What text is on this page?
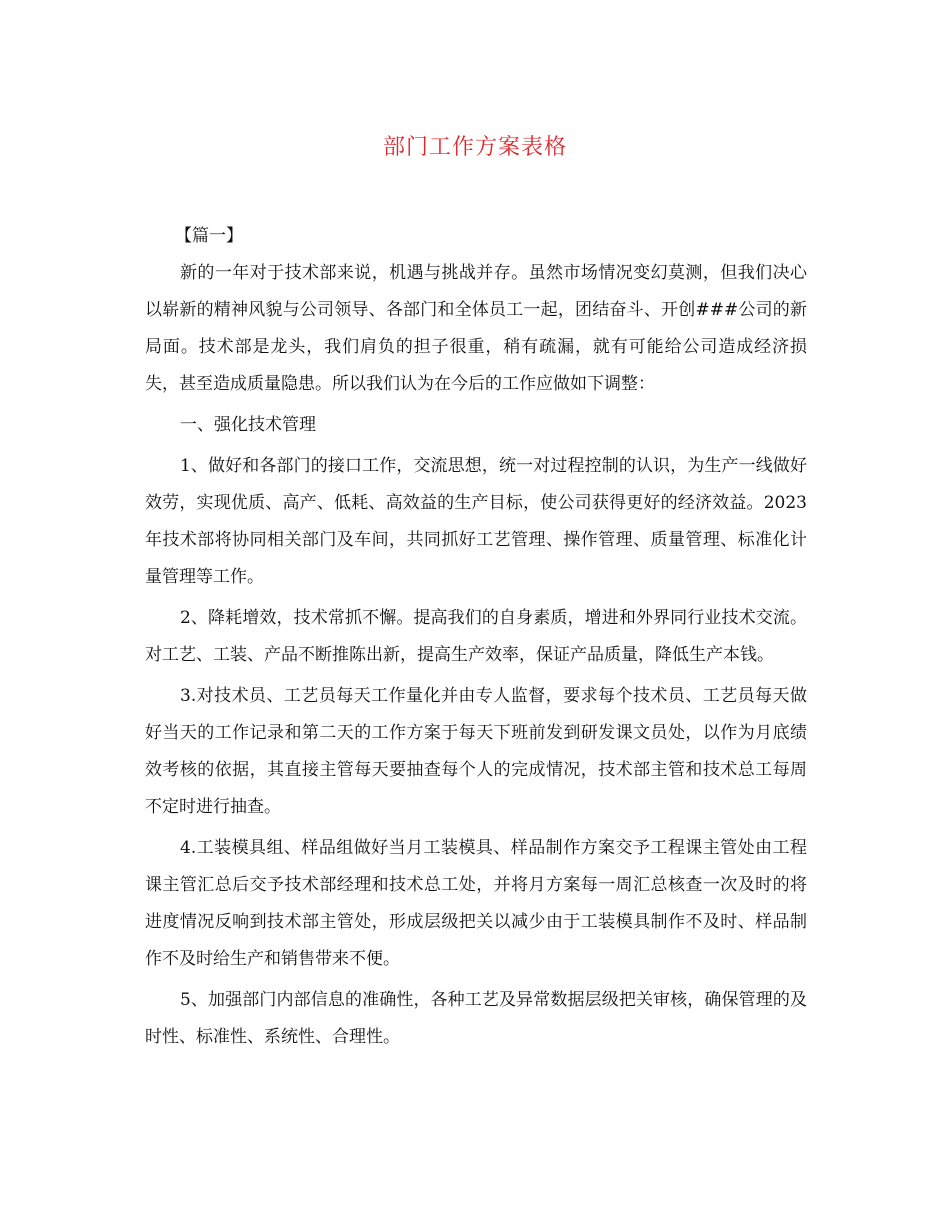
部门工作方案表格

【篇一】

新的一年对于技术部来说，机遇与挑战并存。虽然市场情况变幻莫测，但我们决心以崭新的精神风貌与公司领导、各部门和全体员工一起，团结奋斗、开创###公司的新局面。技术部是龙头，我们肩负的担子很重，稍有疏漏，就有可能给公司造成经济损失，甚至造成质量隐患。所以我们认为在今后的工作应做如下调整：

一、强化技术管理

1、做好和各部门的接口工作，交流思想，统一对过程控制的认识，为生产一线做好效劳，实现优质、高产、低耗、高效益的生产目标，使公司获得更好的经济效益。2023年技术部将协同相关部门及车间，共同抓好工艺管理、操作管理、质量管理、标准化计量管理等工作。

2、降耗增效，技术常抓不懈。提高我们的自身素质，增进和外界同行业技术交流。对工艺、工装、产品不断推陈出新，提高生产效率，保证产品质量，降低生产本钱。

3.对技术员、工艺员每天工作量化并由专人监督，要求每个技术员、工艺员每天做好当天的工作记录和第二天的工作方案于每天下班前发到研发课文员处，以作为月底绩效考核的依据，其直接主管每天要抽查每个人的完成情况，技术部主管和技术总工每周不定时进行抽查。

4.工装模具组、样品组做好当月工装模具、样品制作方案交予工程课主管处由工程课主管汇总后交予技术部经理和技术总工处，并将月方案每一周汇总核查一次及时的将进度情况反响到技术部主管处，形成层级把关以减少由于工装模具制作不及时、样品制作不及时给生产和销售带来不便。

5、加强部门内部信息的准确性，各种工艺及异常数据层级把关审核，确保管理的及时性、标准性、系统性、合理性。
